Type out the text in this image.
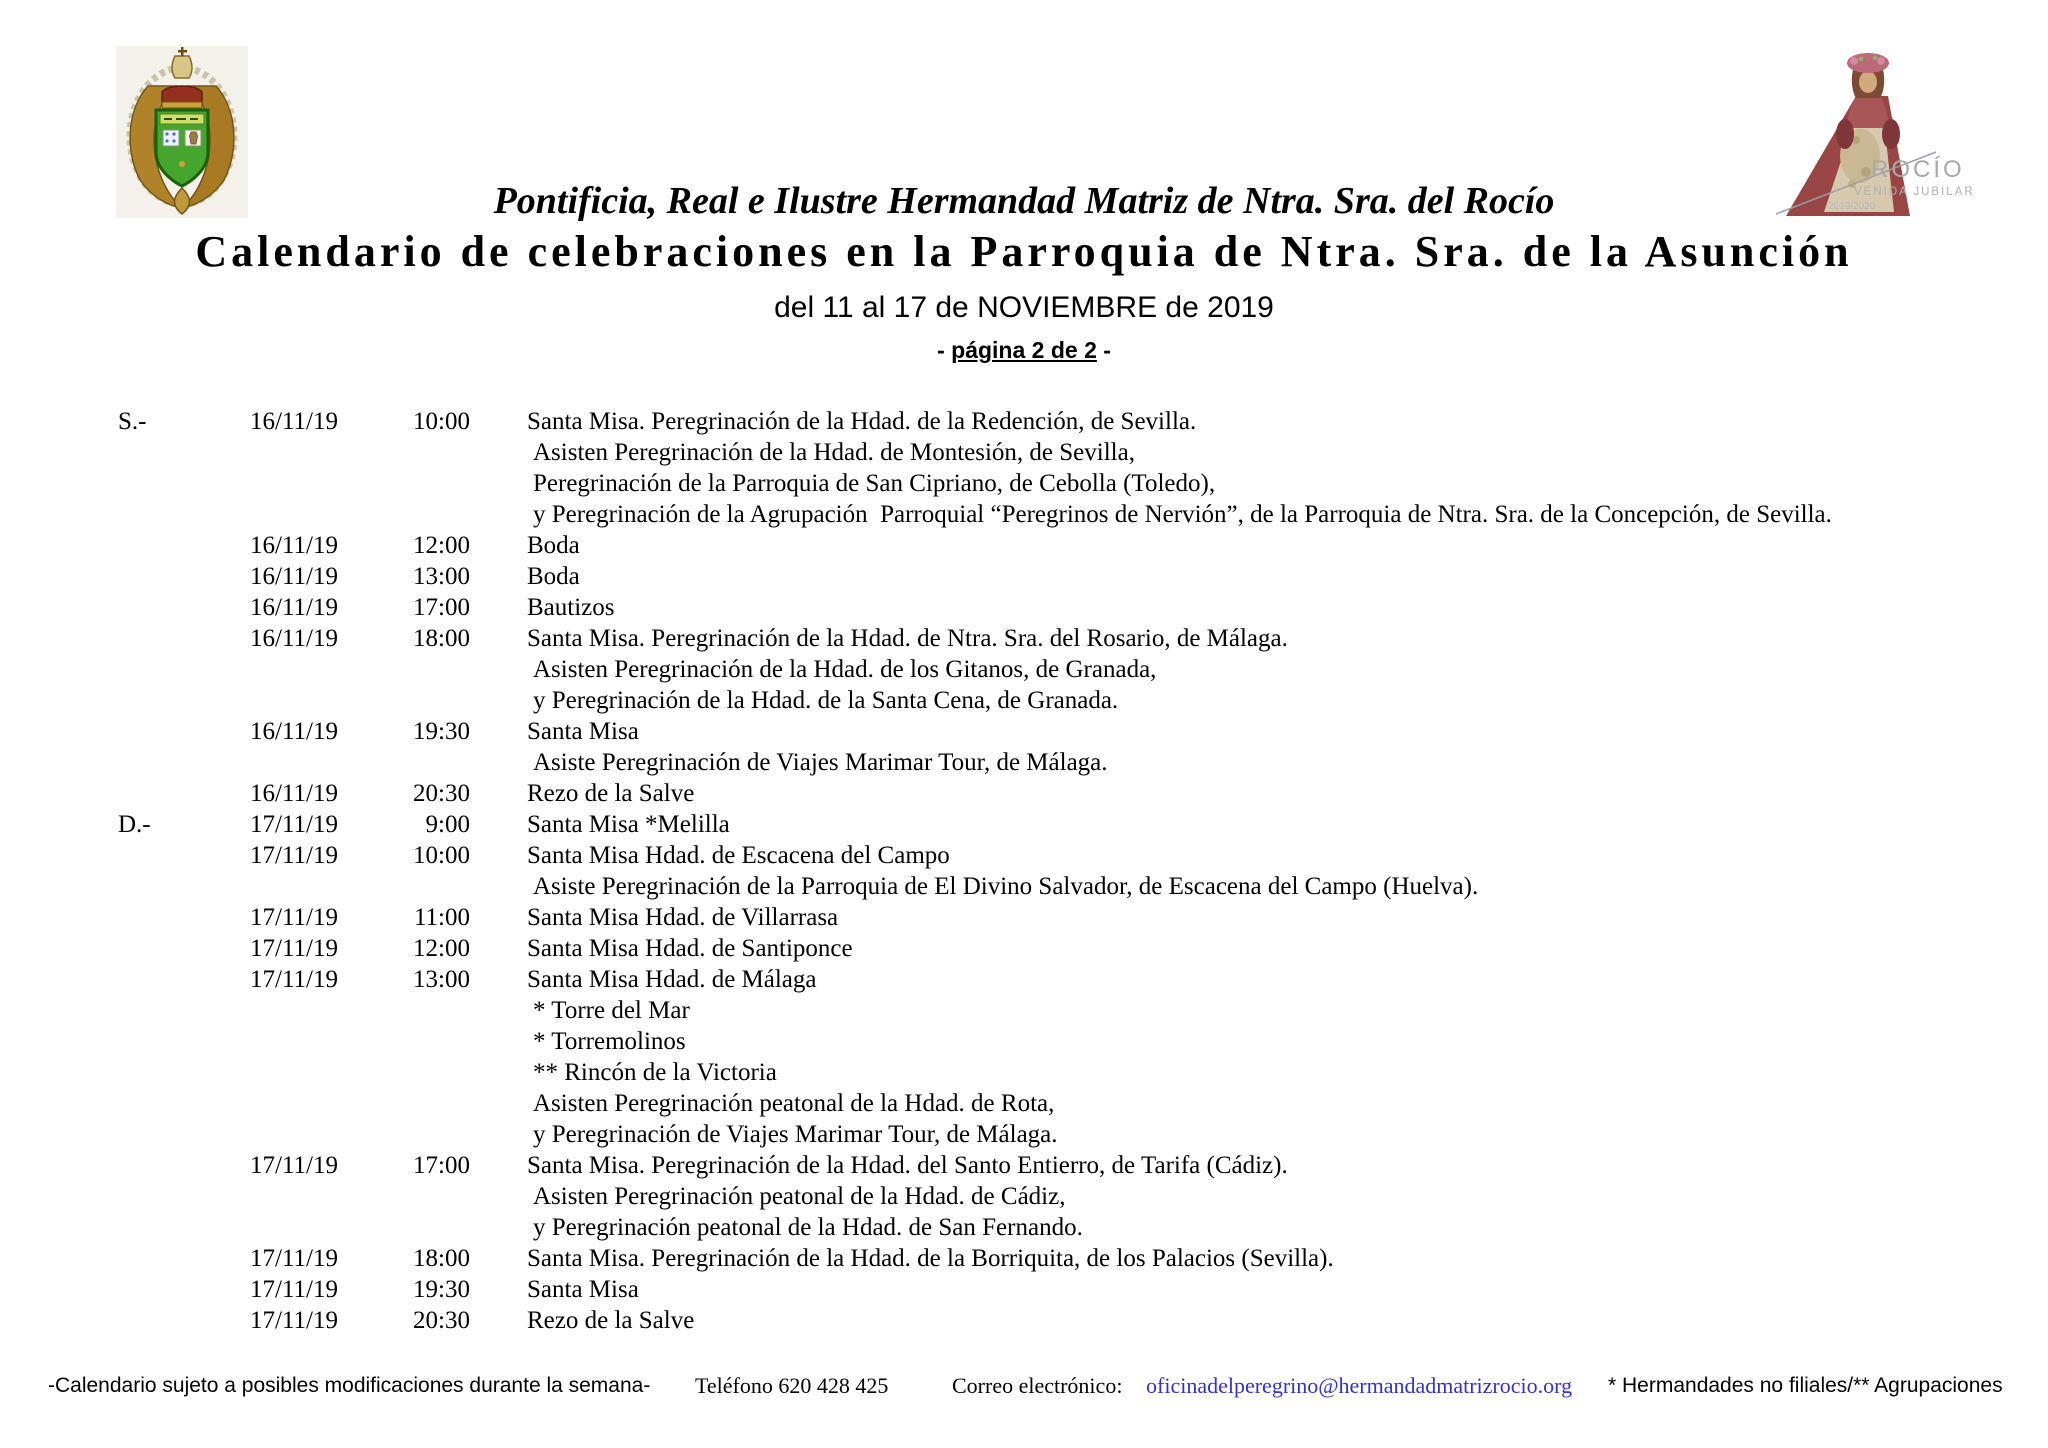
ROCÍO
VENIDA JUBILAR
2019/2020
Pontificia, Real e Ilustre Hermandad Matriz de Ntra. Sra. del Rocío
Calendario de celebraciones en la Parroquia de Ntra. Sra. de la Asunción
del 11 al 17 de NOVIEMBRE de 2019
- página 2 de 2 -
S.-	16/11/19	10:00	Santa Misa. Peregrinación de la Hdad. de la Redención, de Sevilla.
Asisten Peregrinación de la Hdad. de Montesión, de Sevilla,
Peregrinación de la Parroquia de San Cipriano, de Cebolla (Toledo),
y Peregrinación de la Agrupación  Parroquial “Peregrinos de Nervión”, de la Parroquia de Ntra. Sra. de la Concepción, de Sevilla.
16/11/19	12:00	Boda
16/11/19	13:00	Boda
16/11/19	17:00	Bautizos
16/11/19	18:00	Santa Misa. Peregrinación de la Hdad. de Ntra. Sra. del Rosario, de Málaga.
Asisten Peregrinación de la Hdad. de los Gitanos, de Granada,
y Peregrinación de la Hdad. de la Santa Cena, de Granada.
16/11/19	19:30	Santa Misa
Asiste Peregrinación de Viajes Marimar Tour, de Málaga.
16/11/19	20:30	Rezo de la Salve
D.-	17/11/19	9:00	Santa Misa *Melilla
17/11/19	10:00	Santa Misa Hdad. de Escacena del Campo
Asiste Peregrinación de la Parroquia de El Divino Salvador, de Escacena del Campo (Huelva).
17/11/19	11:00	Santa Misa Hdad. de Villarrasa
17/11/19	12:00	Santa Misa Hdad. de Santiponce
17/11/19	13:00	Santa Misa Hdad. de Málaga
* Torre del Mar
* Torremolinos
** Rincón de la Victoria
Asisten Peregrinación peatonal de la Hdad. de Rota,
y Peregrinación de Viajes Marimar Tour, de Málaga.
17/11/19	17:00	Santa Misa. Peregrinación de la Hdad. del Santo Entierro, de Tarifa (Cádiz).
Asisten Peregrinación peatonal de la Hdad. de Cádiz,
y Peregrinación peatonal de la Hdad. de San Fernando.
17/11/19	18:00	Santa Misa. Peregrinación de la Hdad. de la Borriquita, de los Palacios (Sevilla).
17/11/19	19:30	Santa Misa
17/11/19	20:30	Rezo de la Salve
-Calendario sujeto a posibles modificaciones durante la semana- Teléfono 620 428 425	Correo electrónico: oficinadelperegrino@hermandadmatrizrocio.org * Hermandades no filiales/** Agrupaciones
